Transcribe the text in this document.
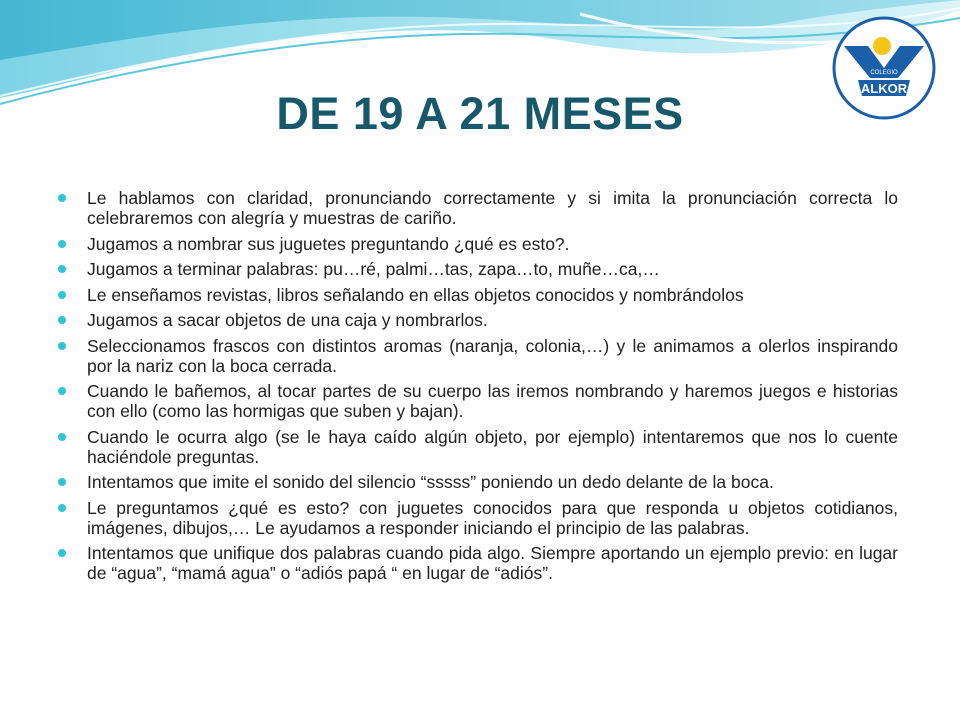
COLEGIO
ALKOR
DE 19 A 21 MESES
Le hablamos con claridad, pronunciando correctamente y si imita la pronunciación correcta lo celebraremos con alegría y muestras de cariño.
Jugamos a nombrar sus juguetes preguntando ¿qué es esto?.
Jugamos a terminar palabras: pu…ré, palmi…tas, zapa…to, muñe…ca,…
Le enseñamos revistas, libros señalando en ellas objetos conocidos y nombrándolos
Jugamos a sacar objetos de una caja y nombrarlos.
Seleccionamos frascos con distintos aromas (naranja, colonia,…) y le animamos a olerlos inspirando por la nariz con la boca cerrada.
Cuando le bañemos, al tocar partes de su cuerpo las iremos nombrando y haremos juegos e historias con ello (como las hormigas que suben y bajan).
Cuando le ocurra algo (se le haya caído algún objeto, por ejemplo) intentaremos que nos lo cuente haciéndole preguntas.
Intentamos que imite el sonido del silencio “sssss” poniendo un dedo delante de la boca.
Le preguntamos ¿qué es esto? con juguetes conocidos para que responda u objetos cotidianos, imágenes, dibujos,… Le ayudamos a responder iniciando el principio de las palabras.
Intentamos que unifique dos palabras cuando pida algo. Siempre aportando un ejemplo previo: en lugar de “agua”, “mamá agua” o “adiós papá “ en lugar de “adiós”.
